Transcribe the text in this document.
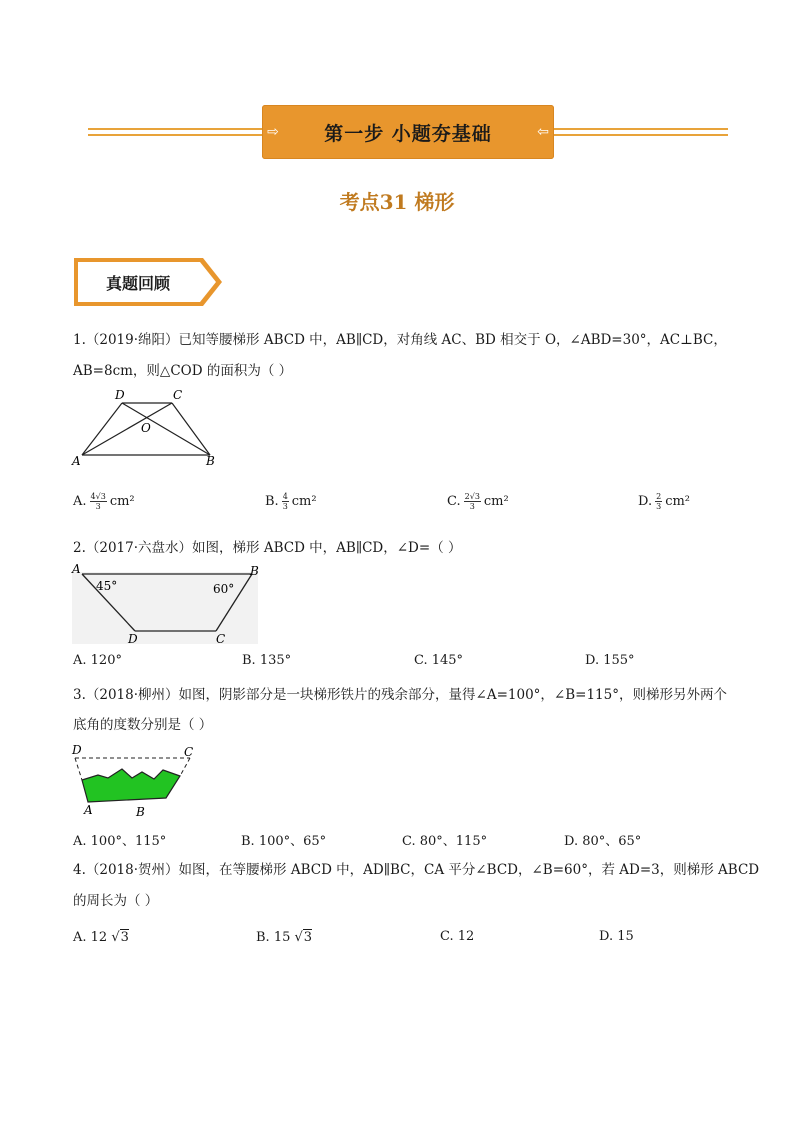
⇨	第一步 小题夯基础	⇦
考点31 梯形
真题回顾
1.（2019·绵阳）已知等腰梯形 ABCD 中，AB∥CD，对角线 AC、BD 相交于 O，∠ABD=30°，AC⊥BC，
AB=8cm，则△COD 的面积为（ ）
D	C
O
A	B
A. $\frac{4√3}{3} cm^2$	B. $\frac{4}{3} cm^2$	C. $\frac{2√3}{3} cm^2$	D. $\frac{2}{3} cm^2$
2.（2017·六盘水）如图，梯形 ABCD 中，AB∥CD，∠D=（ ）
A	B
45°	60°
D	C
A. 120°	B. 135°	C. 145°	D. 155°
3.（2018·柳州）如图，阴影部分是一块梯形铁片的残余部分，量得∠A=100°，∠B=115°，则梯形另外两个
底角的度数分别是（ ）
D	C
A	B
A. 100°、115°	B. 100°、65°	C. 80°、115°	D. 80°、65°
4.（2018·贺州）如图，在等腰梯形 ABCD 中，AD∥BC，CA 平分∠BCD，∠B=60°，若 AD=3，则梯形 ABCD
的周长为（ ）
A. 12 √3	B. 15 √3	C. 12	D. 15
